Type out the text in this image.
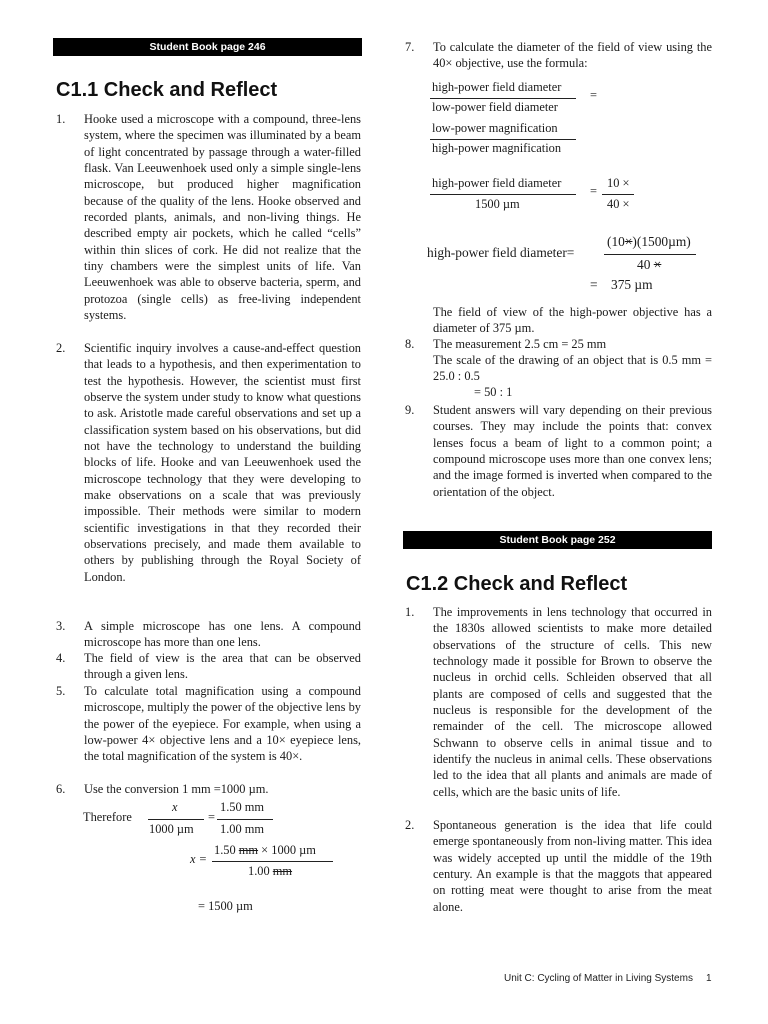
Student Book page 246
C1.1 Check and Reflect
1. Hooke used a microscope with a compound, three-lens system, where the specimen was illuminated by a beam of light concentrated by passage through a water-filled flask. Van Leeuwenhoek used only a simple single-lens microscope, but produced higher magnification because of the quality of the lens. Hooke observed and recorded plants, animals, and non-living things. He described empty air pockets, which he called “cells” within thin slices of cork. He did not realize that the tiny chambers were the simplest units of life. Van Leeuwenhoek was able to observe bacteria, sperm, and protozoa (single cells) as free-living independent systems.
2. Scientific inquiry involves a cause-and-effect question that leads to a hypothesis, and then experimentation to test the hypothesis. However, the scientist must first observe the system under study to know what questions to ask. Aristotle made careful observations and set up a classification system based on his observations, but did not have the technology to understand the building blocks of life. Hooke and van Leeuwenhoek used the microscope technology that they were developing to make observations on a scale that was previously impossible. Their methods were similar to modern scientific investigations in that they recorded their observations precisely, and made them available to others by publishing through the Royal Society of London.
3. A simple microscope has one lens. A compound microscope has more than one lens.
4. The field of view is the area that can be observed through a given lens.
5. To calculate total magnification using a compound microscope, multiply the power of the objective lens by the power of the eyepiece. For example, when using a low-power 4× objective lens and a 10× eyepiece lens, the total magnification of the system is 40×.
6. Use the conversion 1 mm =1000 µm.
Therefore
x
1000 µm
=
1.50 mm
1.00 mm
x =
1.50 mm × 1000 µm
1.00 mm
= 1500 µm
7. To calculate the diameter of the field of view using the 40× objective, use the formula:
high-power field diameter
low-power field diameter
=
low-power magnification
high-power magnification
high-power field diameter
1500 µm
=
10 ×
40 ×
high-power field diameter=
(10×)(1500µm)
40 ×
= 375 µm
The field of view of the high-power objective has a diameter of 375 µm.
8. The measurement 2.5 cm = 25 mm
The scale of the drawing of an object that is 0.5 mm = 25.0 : 0.5
= 50 : 1
9. Student answers will vary depending on their previous courses. They may include the points that: convex lenses focus a beam of light to a common point; a compound microscope uses more than one convex lens; and the image formed is inverted when compared to the orientation of the object.
Student Book page 252
C1.2 Check and Reflect
1. The improvements in lens technology that occurred in the 1830s allowed scientists to make more detailed observations of the structure of cells. This new technology made it possible for Brown to observe the nucleus in orchid cells. Schleiden observed that all plants are composed of cells and suggested that the nucleus is responsible for the development of the remainder of the cell. The microscope allowed Schwann to observe cells in animal tissue and to identify the nucleus in animal cells. These observations led to the idea that all plants and animals are made of cells, which are the basic units of life.
2. Spontaneous generation is the idea that life could emerge spontaneously from non-living matter. This idea was widely accepted up until the middle of the 19th century. An example is that the maggots that appeared on rotting meat were thought to arise from the meat alone.
Unit C: Cycling of Matter in Living Systems 1
